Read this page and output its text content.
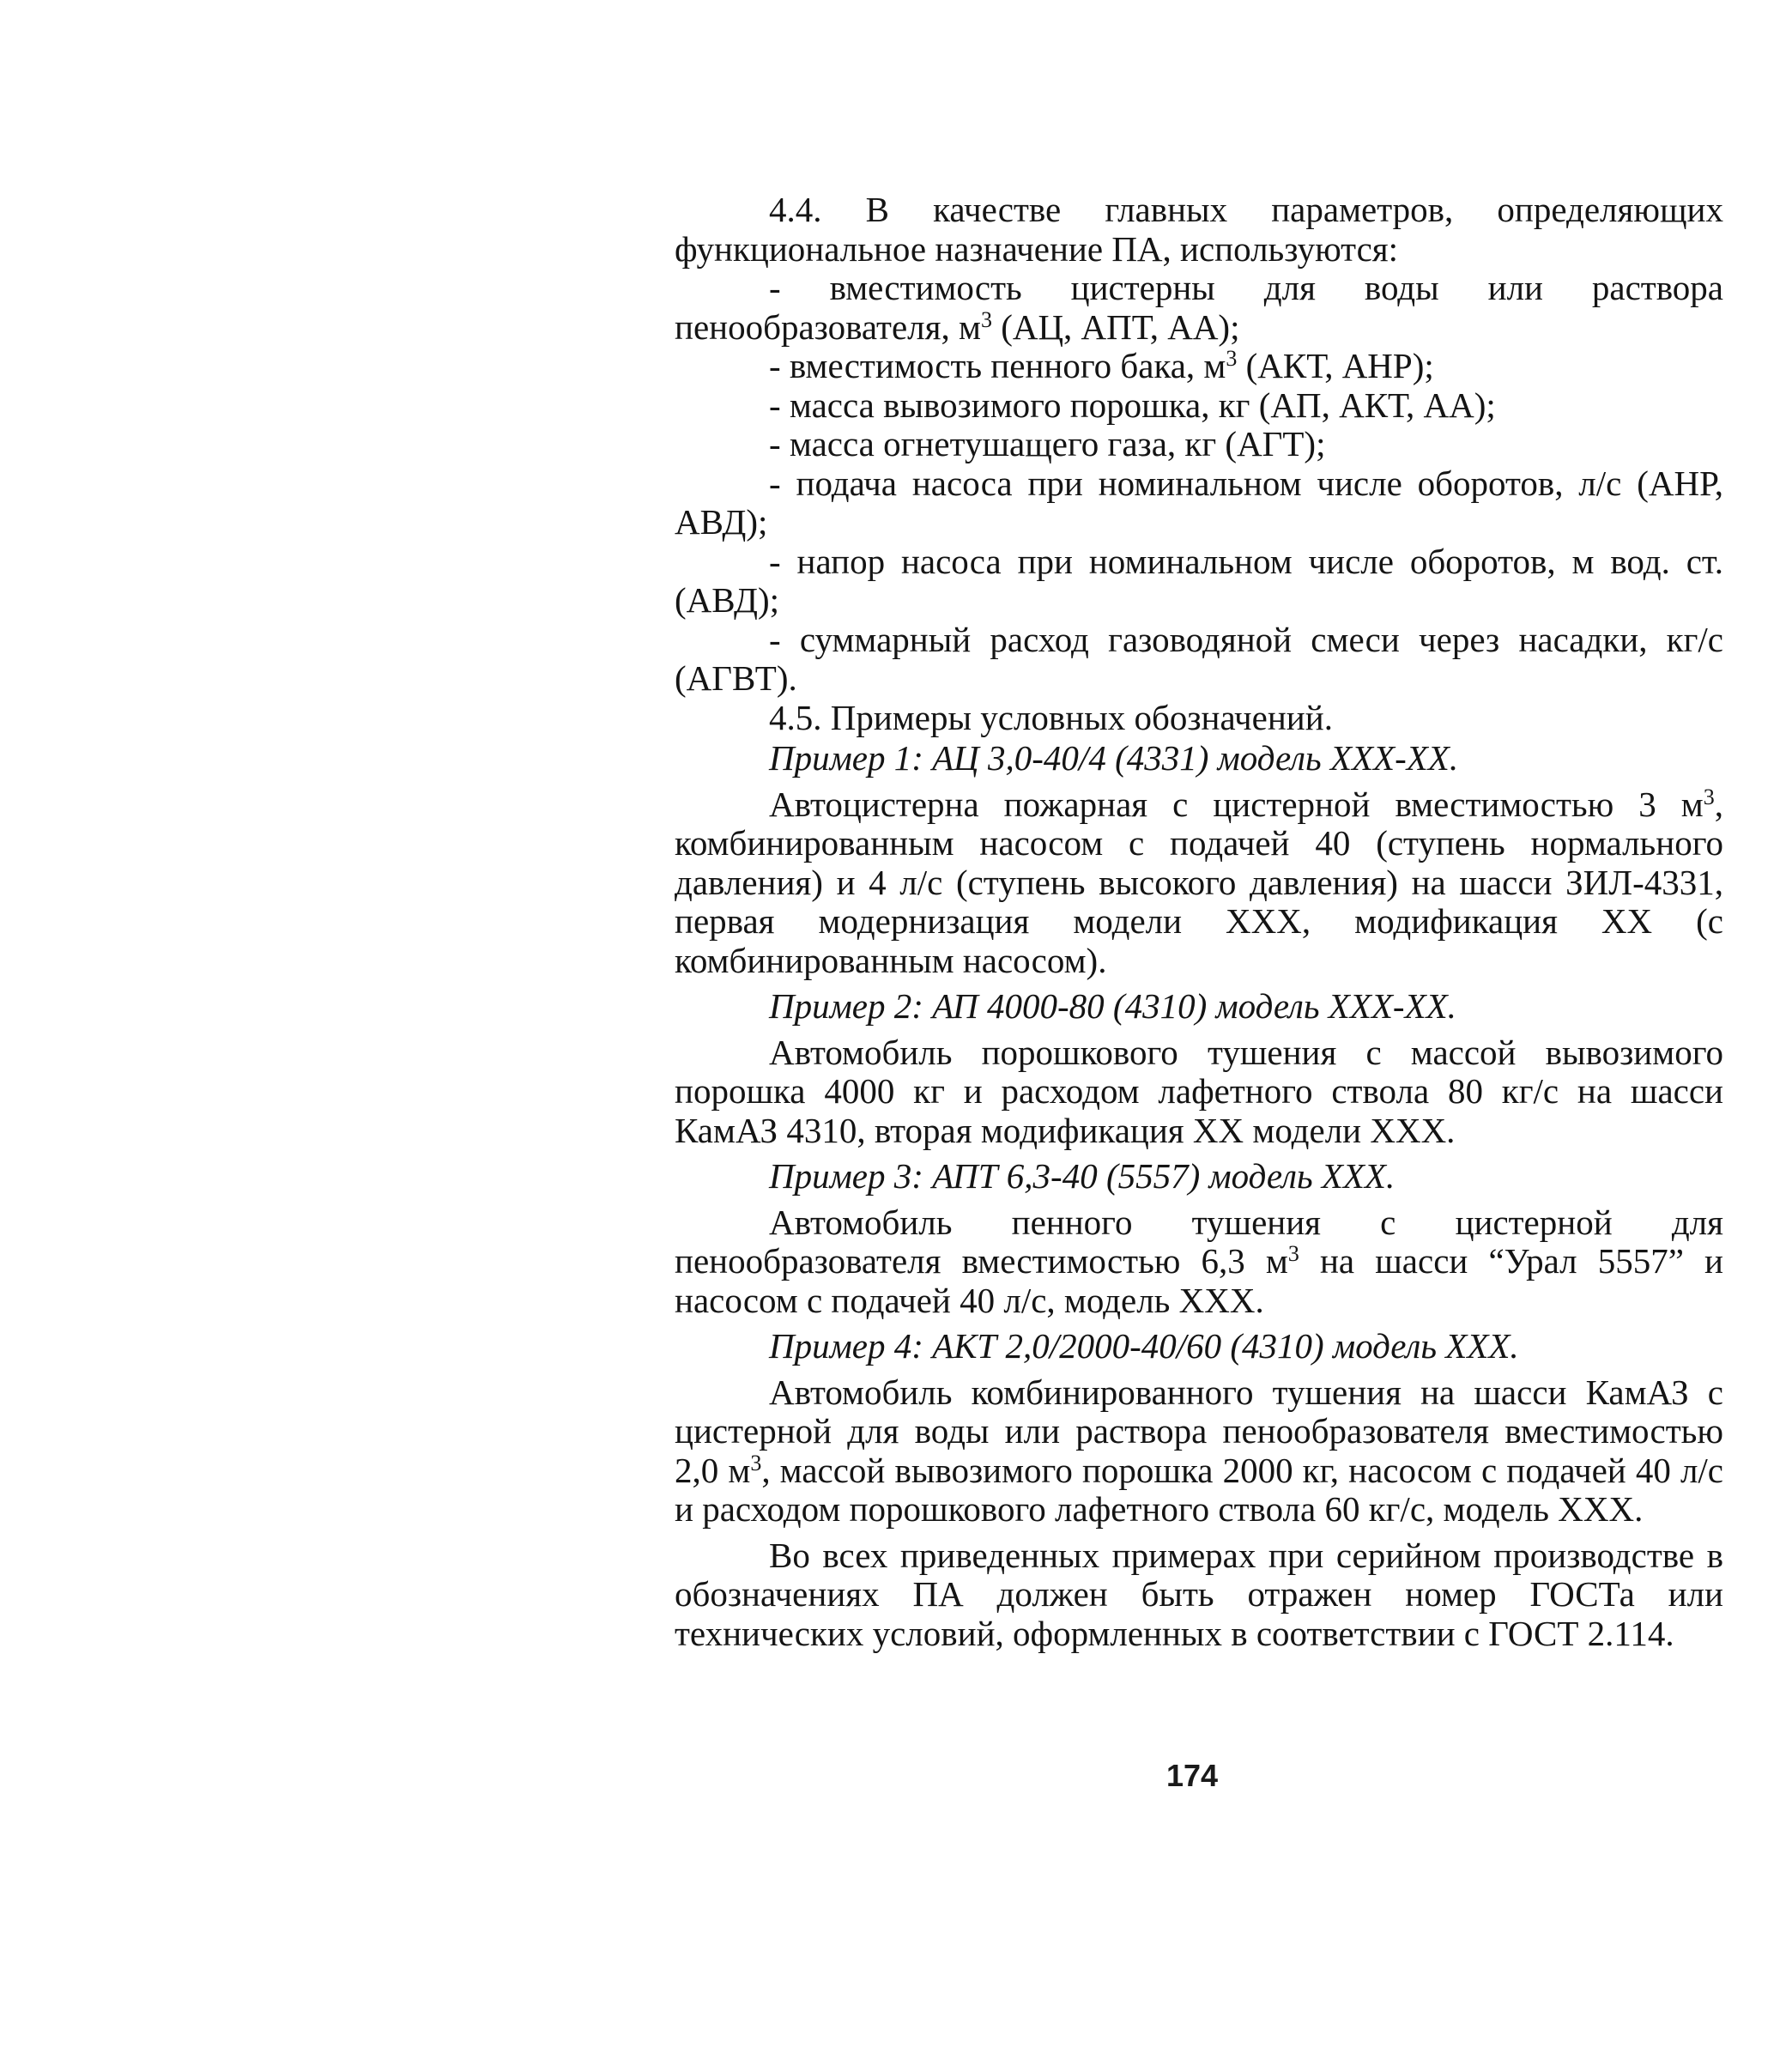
4.4. В качестве главных параметров, определяющих функциональное назначение ПА, используются:

- вместимость цистерны для воды или раствора пенообразователя, $м^3$ (АЦ, АПТ, АА);

- вместимость пенного бака, $м^3$ (АКТ, АНР);

- масса вывозимого порошка, кг (АП, АКТ, АА);

- масса огнетушащего газа, кг (АГТ);

- подача насоса при номинальном числе оборотов, л/с (АНР, АВД);

- напор насоса при номинальном числе оборотов, м вод. ст. (АВД);

- суммарный расход газоводяной смеси через насадки, кг/с (АГВТ).

4.5. Примеры условных обозначений.

Пример 1: АЦ 3,0-40/4 (4331) модель ХХХ-ХХ.

Автоцистерна пожарная с цистерной вместимостью 3 $м^3$, комбинированным насосом с подачей 40 (ступень нормального давления) и 4 л/с (ступень высокого давления) на шасси ЗИЛ-4331, первая модернизация модели ХХХ, модификация ХХ (с комбинированным насосом).

Пример 2: АП 4000-80 (4310) модель ХХХ-ХХ.

Автомобиль порошкового тушения с массой вывозимого порошка 4000 кг и расходом лафетного ствола 80 кг/с на шасси КамАЗ 4310, вторая модификация ХХ модели ХХХ.

Пример 3: АПТ 6,3-40 (5557) модель ХХХ.

Автомобиль пенного тушения с цистерной для пенообразователя вместимостью 6,3 $м^3$ на шасси “Урал 5557” и насосом с подачей 40 л/с, модель ХХХ.

Пример 4: АКТ 2,0/2000-40/60 (4310) модель ХХХ.

Автомобиль комбинированного тушения на шасси КамАЗ с цистерной для воды или раствора пенообразователя вместимостью 2,0 $м^3$, массой вывозимого порошка 2000 кг, насосом с подачей 40 л/с и расходом порошкового лафетного ствола 60 кг/с, модель ХХХ.

Во всех приведенных примерах при серийном производстве в обозначениях ПА должен быть отражен номер ГОСТа или технических условий, оформленных в соответствии с ГОСТ 2.114.

174
